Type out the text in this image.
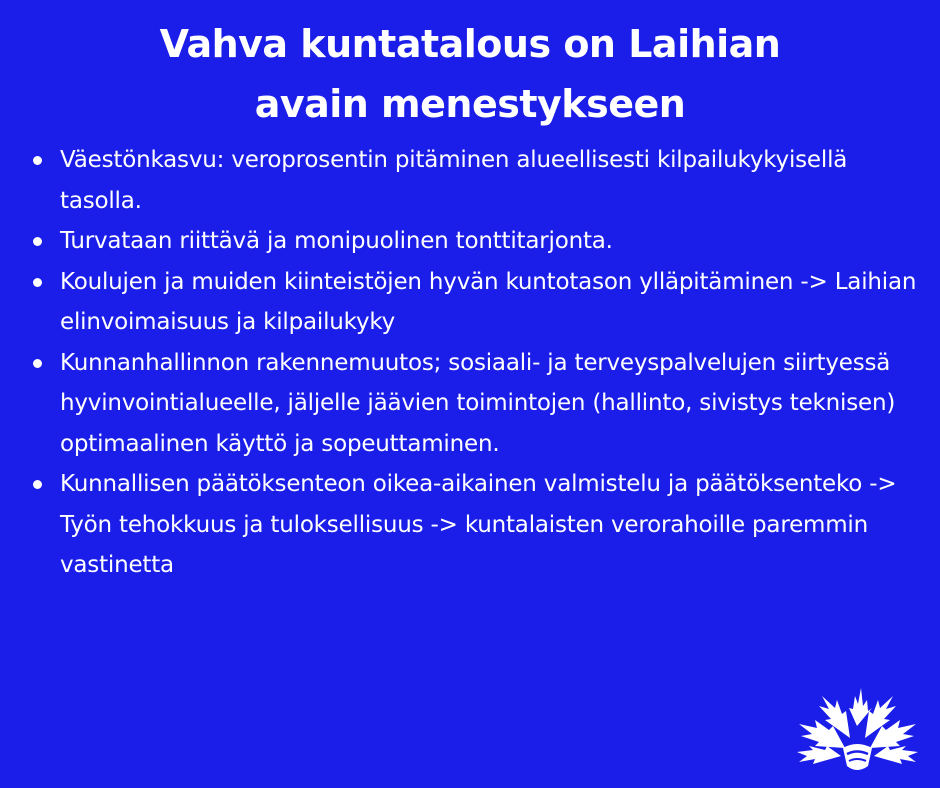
Vahva kuntatalous on Laihian
avain menestykseen
Väestönkasvu: veroprosentin pitäminen alueellisesti kilpailukykyisellä tasolla.
Turvataan riittävä ja monipuolinen tonttitarjonta.
Koulujen ja muiden kiinteistöjen hyvän kuntotason ylläpitäminen -> Laihian elinvoimaisuus ja kilpailukyky
Kunnanhallinnon rakennemuutos; sosiaali- ja terveyspalvelujen siirtyessä hyvinvointialueelle, jäljelle jäävien toimintojen (hallinto, sivistys teknisen) optimaalinen käyttö ja sopeuttaminen.
Kunnallisen päätöksenteon oikea-aikainen valmistelu ja päätöksenteko -> Työn tehokkuus ja tuloksellisuus -> kuntalaisten verorahoille paremmin vastinetta
